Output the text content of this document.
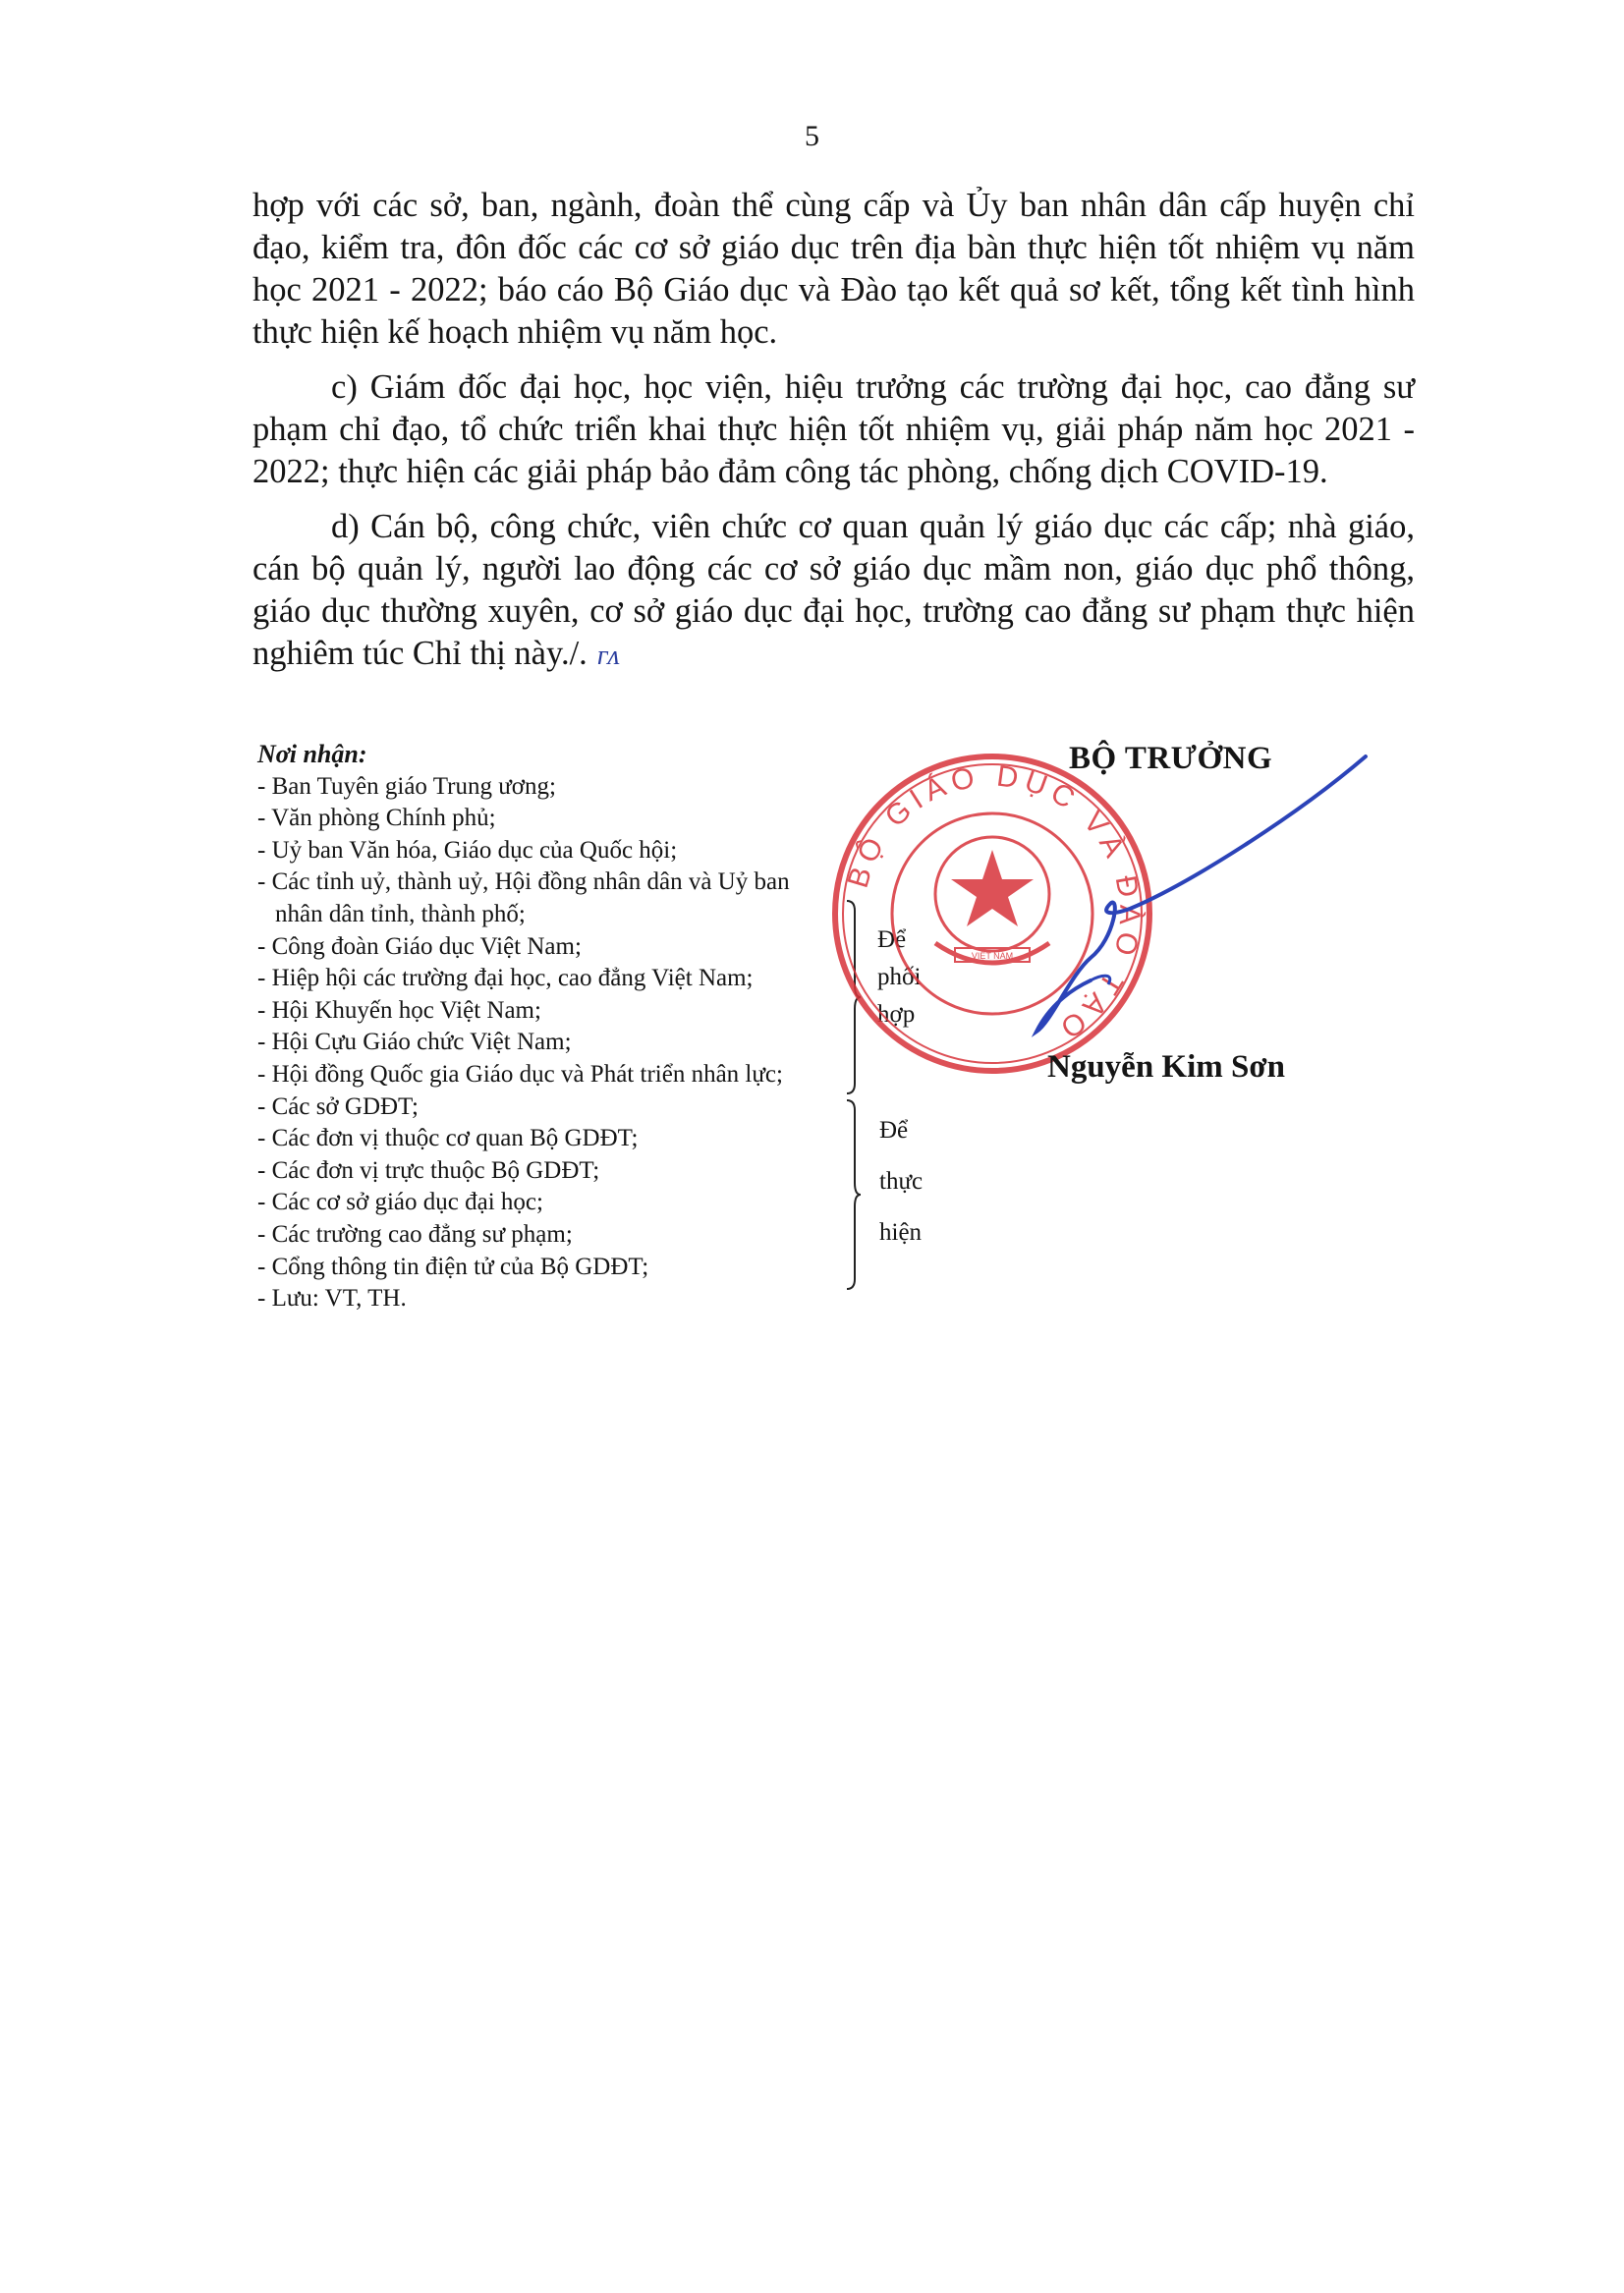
5

hợp với các sở, ban, ngành, đoàn thể cùng cấp và Ủy ban nhân dân cấp huyện chỉ đạo, kiểm tra, đôn đốc các cơ sở giáo dục trên địa bàn thực hiện tốt nhiệm vụ năm học 2021 - 2022; báo cáo Bộ Giáo dục và Đào tạo kết quả sơ kết, tổng kết tình hình thực hiện kế hoạch nhiệm vụ năm học.

c) Giám đốc đại học, học viện, hiệu trưởng các trường đại học, cao đẳng sư phạm chỉ đạo, tổ chức triển khai thực hiện tốt nhiệm vụ, giải pháp năm học 2021 - 2022; thực hiện các giải pháp bảo đảm công tác phòng, chống dịch COVID-19.

d) Cán bộ, công chức, viên chức cơ quan quản lý giáo dục các cấp; nhà giáo, cán bộ quản lý, người lao động các cơ sở giáo dục mầm non, giáo dục phổ thông, giáo dục thường xuyên, cơ sở giáo dục đại học, trường cao đẳng sư phạm thực hiện nghiêm túc Chỉ thị này./. ᴦᴧ

Nơi nhận:
- Ban Tuyên giáo Trung ương;
- Văn phòng Chính phủ;
- Uỷ ban Văn hóa, Giáo dục của Quốc hội;
- Các tỉnh uỷ, thành uỷ, Hội đồng nhân dân và Uỷ ban nhân dân tỉnh, thành phố;
- Công đoàn Giáo dục Việt Nam;
- Hiệp hội các trường đại học, cao đẳng Việt Nam;
- Hội Khuyến học Việt Nam;
- Hội Cựu Giáo chức Việt Nam;
- Hội đồng Quốc gia Giáo dục và Phát triển nhân lực;
- Các sở GDĐT;
- Các đơn vị thuộc cơ quan Bộ GDĐT;
- Các đơn vị trực thuộc Bộ GDĐT;
- Các cơ sở giáo dục đại học;
- Các trường cao đẳng sư phạm;
- Cổng thông tin điện tử của Bộ GDĐT;
- Lưu: VT, TH.
Để
phối
hợp
Để
thực
hiện
BỘ GIÁO DỤC VÀ ĐÀO TẠO
VIỆT NAM
BỘ TRƯỞNG
Nguyễn Kim Sơn
